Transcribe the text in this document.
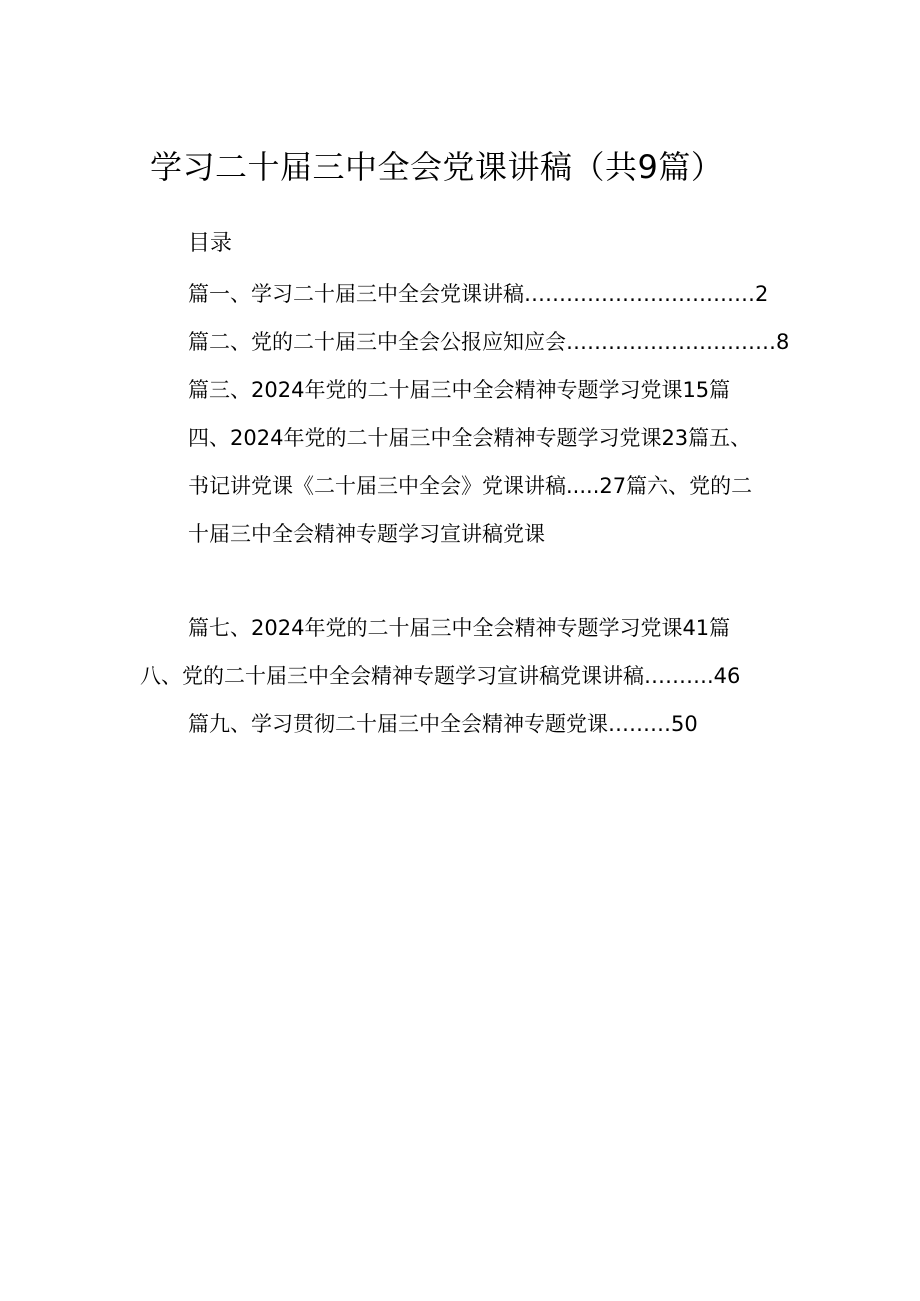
学习二十届三中全会党课讲稿（共9篇）
目录
篇一、学习二十届三中全会党课讲稿……………………………2
篇二、党的二十届三中全会公报应知应会…………………………8
篇三、2024年党的二十届三中全会精神专题学习党课15篇
四、2024年党的二十届三中全会精神专题学习党课23篇五、
书记讲党课《二十届三中全会》党课讲稿.....27篇六、党的二
十届三中全会精神专题学习宣讲稿党课
篇七、2024年党的二十届三中全会精神专题学习党课41篇
八、党的二十届三中全会精神专题学习宣讲稿党课讲稿……….46
篇九、学习贯彻二十届三中全会精神专题党课………50
